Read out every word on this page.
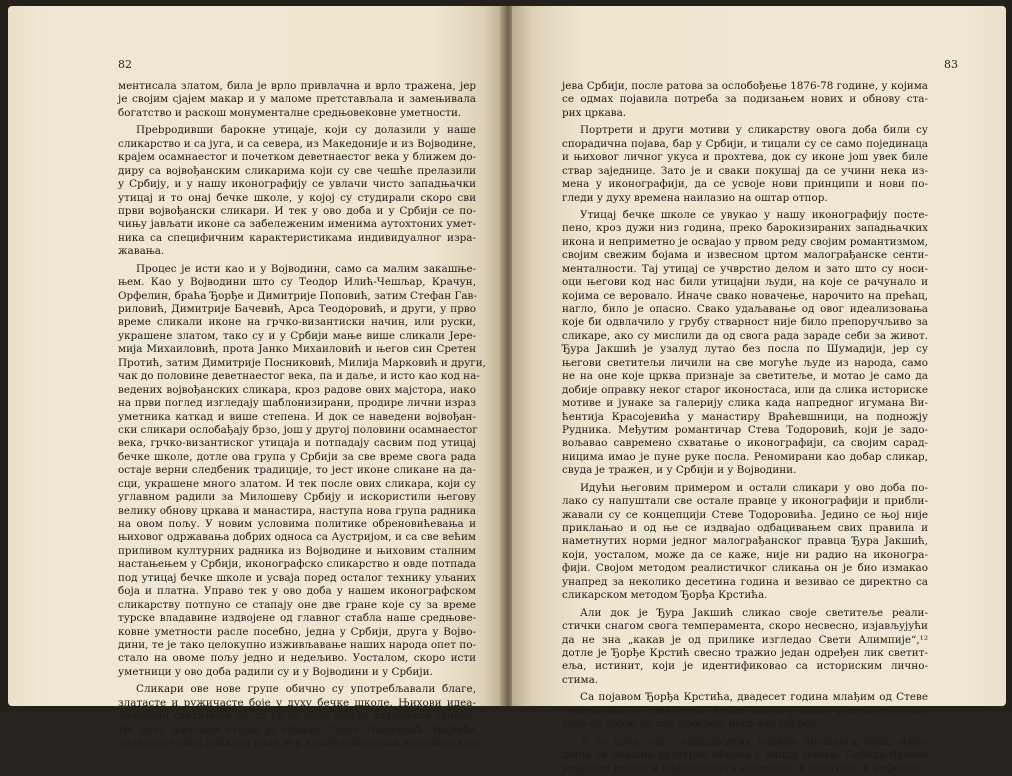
82
ментисала златом, била је врло привлачна и врло тражена, јер
је својим сјајем макар и у маломе претстављала и замењивала
богатство и раскош монументалне средњовековне уметности.
Прebродивши барокне утицаје, који су долазили у наше
сликарство и са југа, и са севера, из Македоније и из Војводине,
крајем осамнаестог и почетком деветнаестог века у ближем до-
диру са војвођанским сликарима који су све чешће прелазили
у Србију, и у нашу иконографију се увлачи чисто западњачки
утицај и то онај бечке школе, у којој су студирали скоро сви
први војвођански сликари. И тек у ово доба и у Србији се по-
чињу јављати иконе са забележеним именима аутохтоних умет-
ника са специфичним карактеристикама индивидуалног изра-
жавања.
Процес је исти као и у Војводини, само са малим закашње-
њем. Као у Војводини што су Теодор Илић-Чешљар, Крачун,
Орфелин, браћа Ђорђе и Димитрије Поповић, затим Стефан Гав-
риловић, Димитрије Бачевић, Арса Теодоровић, и други, у прво
време сликали иконе на грчко-византиски начин, или руски,
украшене златом, тако су и у Србији мање више сликали Јере-
мија Михаиловић, прота Јанко Михаиловић и његов син Сретен
Протић, затим Димитрије Посниковић, Милија Марковић и други,
чак до половине деветнаестог века, па и даље, и исто као код на-
ведених војвођанских сликара, кроз радове ових мајстора, иако
на први поглед изгледају шаблонизирани, продире лични израз
уметника каткад и више степена. И док се наведени војвођан-
ски сликари ослобађају брзо, још у другој половини осамнаестог
века, грчко-византиског утицаја и потпадају сасвим под утицај
бечке школе, дотле ова група у Србији за све време свога рада
остаје верни следбеник традиције, то јест иконе сликане на да-
сци, украшене много златом. И тек после ових сликара, који су
углавном радили за Милошеву Србију и искористили његову
велику обнову цркава и манастира, наступа нова група радника
на овом пољу. У новим условима политике обреновићевања и
њиховог одржавања добрих односа са Аустријом, и са све већим
приливом културних радника из Војводине и њиховим сталним
настањењем у Србији, иконографско сликарство и овде потпада
под утицај бечке школе и усваја поред осталог технику уљаних
боја и платна. Управо тек у ово доба у нашем иконографском
сликарству потпуно се стапају оне две гране које су за време
турске владавине издвојене од главног стабла наше средњове-
ковне уметности расле посебно, једна у Србији, друга у Војво-
дини, те је тако целокупно изживљавање наших народа опет по-
стало на овоме пољу једно и недељиво. Уосталом, скоро исти
уметници у ово доба радили су и у Војводини и у Србији.
Сликари ове нове групе обично су употребљавали благе,
златасте и ружичасте боје у духу бечке школе. Њихови идеа-
лизовани светитељи често су на себи имали католичке ознаке.
На челу њиховом стајао је сликар Стева Тодоровић. Највећа
делатност ових сликара пала је у време припајања источних кра-
83
јева Србији, после ратова за ослобођење 1876-78 године, у којима
се одмах појавила потреба за подизањем нових и обнову ста-
рих цркава.
Портрети и други мотиви у сликарству овога доба били су
спорадична појава, бар у Србији, и тицали су се само појединаца
и њиховог личног укуса и прохтева, док су иконе још увек биле
ствар заједнице. Зато је и сваки покушај да се учини нека из-
мена у иконографији, да се усвоје нови принципи и нови по-
гледи у духу времена наилазио на оштар отпор.
Утицај бечке школе се увукао у нашу иконографију посте-
пено, кроз дужи низ година, преко барокизираних западњачких
икона и неприметно је освајао у првом реду својим романтизмом,
својим свежим бојама и извесном цртом малограђанске сенти-
менталности. Тај утицај се учврстио делом и зато што су носи-
оци његови код нас били утицајни људи, на које се рачунало и
којима се веровало. Иначе свако новачење, нарочито на прећац,
нагло, било је опасно. Свако удаљавање од овог идеализовања
које би одвлачило у грубу стварност није било препоручљиво за
сликаре, ако су мислили да од свога рада зараде себи за живот.
Ђура Јакшић је узалуд лутао без посла по Шумадији, јер су
његови светитељи личили на све могуће људе из народа, само
не на оне које црква признаје за светитеље, и мотао је само да
добије оправку неког старог иконостаса, или да слика историске
мотиве и јунаке за галерију слика када напредног игумана Ви-
ћентија Красојевића у манастиру Враћевшници, на подножју
Рудника. Међутим романтичар Стева Тодоровић, који је задо-
вољавао савремено схватање о иконографији, са својим сарад-
ницима имао је пуне руке посла. Реномирани као добар сликар,
свуда је тражен, и у Србији и у Војводини.
Идући његовим примером и остали сликари у ово доба по-
лако су напуштали све остале правце у иконографији и прибли-
жавали су се концепцији Стеве Тодоровића. Једино се њој није
приклањао и од ње се издвајао одбацивањем свих правила и
наметнутих норми једног малограђанског правца Ђура Јакшић,
који, уосталом, може да се каже, није ни радио на иконогра-
фији. Својом методом реалистичког сликања он је био измакао
унапред за неколико десетина година и везивао се директно са
сликарском методом Ђорђа Крстића.
Али док је Ђура Јакшић сликао своје светитеље реали-
стички снагом свога темперамента, скоро несвесно, изјављујући
да не зна „какав је од прилике изгледао Свети Алимпије“,¹²
дотле је Ђорђе Крстић свесно тражио један одређен лик светит-
еља, истинит, који је идентификовао са историским личнo-
стима.
Са појавом Ђорђа Крстића, двадесет година млађим од Стеве
Тодоровића, и сликарство бечке школе у нашој уметности пока-
зало се убрзо не као прогрес, него као регрес.
У то доба, око седамдесетих година прошлога века, извр-
шила се снажна културна обнова у нашој земљи. Победа Вукове
реформе језика и књижевности наметала је спонтано и реформу
